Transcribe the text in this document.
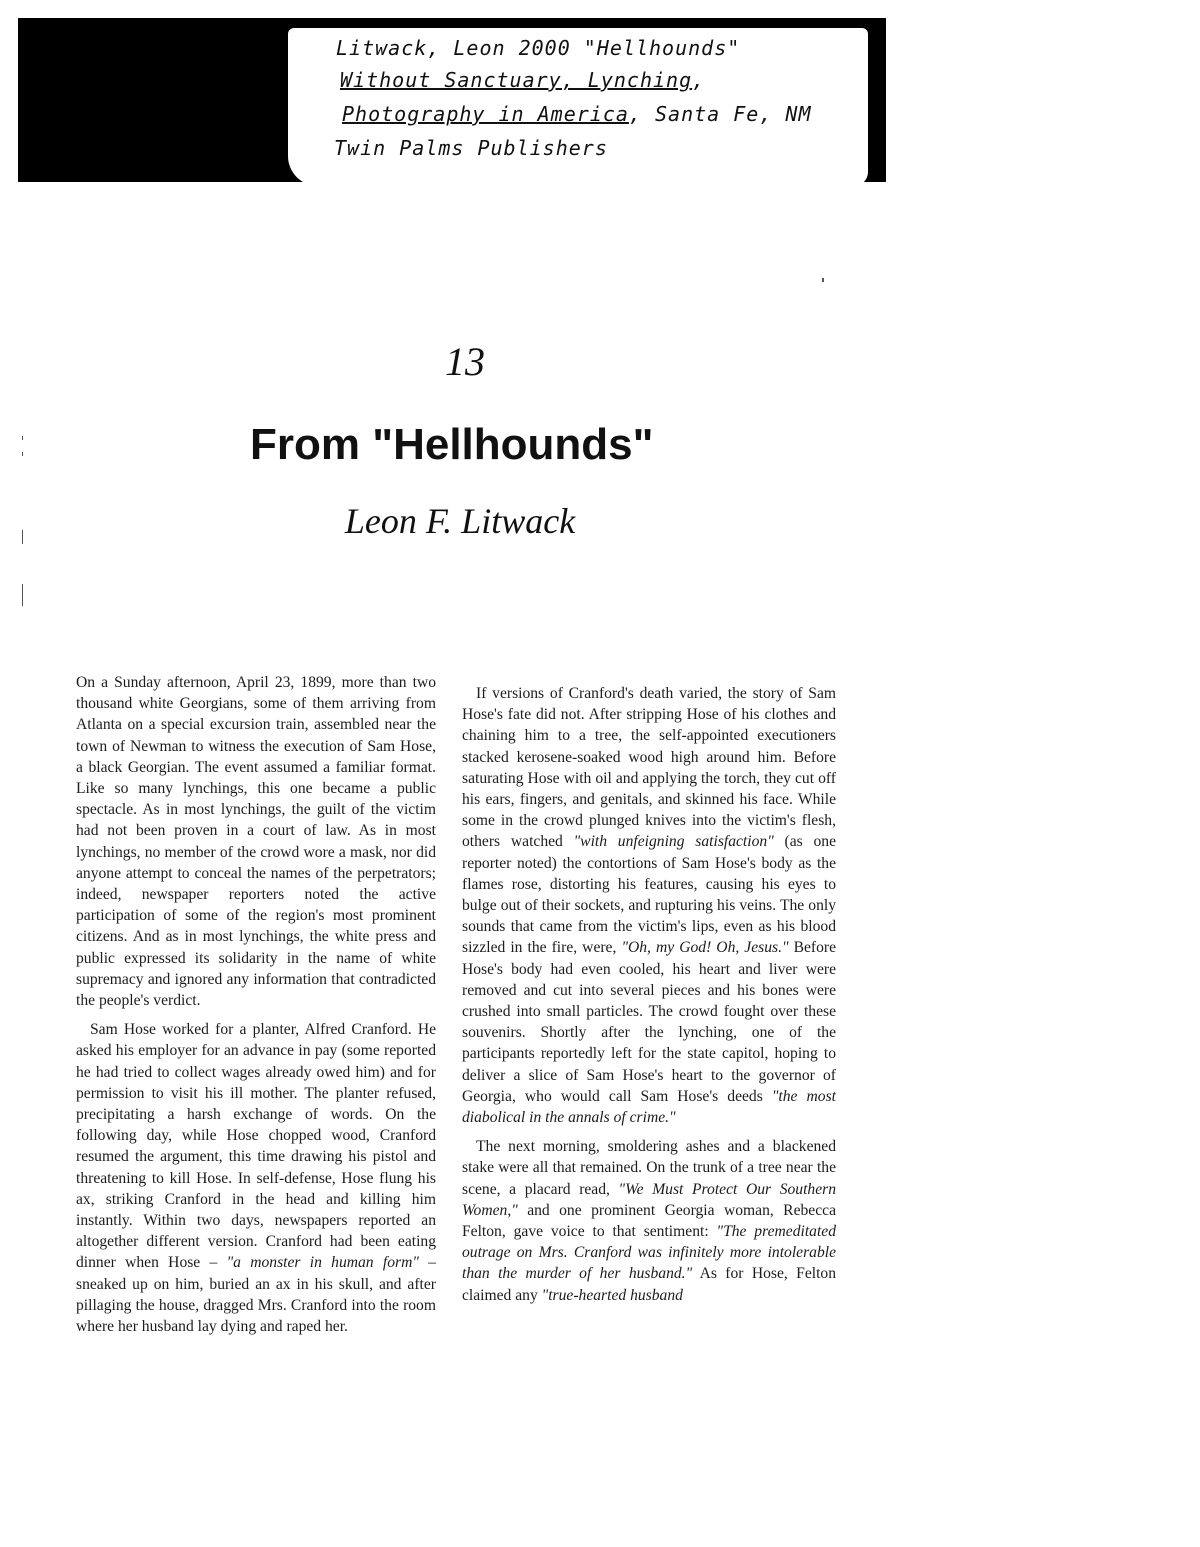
Litwack, Leon 2000 "Hellhounds"
Without Sanctuary, Lynching,
Photography in America, Santa Fe, NM
Twin Palms Publishers
13
From "Hellhounds"
Leon F. Litwack

On a Sunday afternoon, April 23, 1899, more than two thousand white Georgians, some of them arriving from Atlanta on a special excursion train, assembled near the town of Newman to witness the execution of Sam Hose, a black Georgian. The event assumed a familiar format. Like so many lynchings, this one became a public spectacle. As in most lynchings, the guilt of the victim had not been proven in a court of law. As in most lynchings, no member of the crowd wore a mask, nor did anyone attempt to conceal the names of the perpetrators; indeed, newspaper reporters noted the active participation of some of the region's most prominent citizens. And as in most lynchings, the white press and public expressed its solidarity in the name of white supremacy and ignored any information that contradicted the people's verdict.

Sam Hose worked for a planter, Alfred Cranford. He asked his employer for an advance in pay (some reported he had tried to collect wages already owed him) and for permission to visit his ill mother. The planter refused, precipitating a harsh exchange of words. On the following day, while Hose chopped wood, Cranford resumed the argument, this time drawing his pistol and threatening to kill Hose. In self-defense, Hose flung his ax, striking Cranford in the head and killing him instantly. Within two days, newspapers reported an altogether different version. Cranford had been eating dinner when Hose – "a monster in human form" – sneaked up on him, buried an ax in his skull, and after pillaging the house, dragged Mrs. Cranford into the room where her husband lay dying and raped her.

If versions of Cranford's death varied, the story of Sam Hose's fate did not. After stripping Hose of his clothes and chaining him to a tree, the self-appointed executioners stacked kerosene-soaked wood high around him. Before saturating Hose with oil and applying the torch, they cut off his ears, fingers, and genitals, and skinned his face. While some in the crowd plunged knives into the victim's flesh, others watched "with unfeigning satisfaction" (as one reporter noted) the contortions of Sam Hose's body as the flames rose, distorting his features, causing his eyes to bulge out of their sockets, and rupturing his veins. The only sounds that came from the victim's lips, even as his blood sizzled in the fire, were, "Oh, my God! Oh, Jesus." Before Hose's body had even cooled, his heart and liver were removed and cut into several pieces and his bones were crushed into small particles. The crowd fought over these souvenirs. Shortly after the lynching, one of the participants reportedly left for the state capitol, hoping to deliver a slice of Sam Hose's heart to the governor of Georgia, who would call Sam Hose's deeds "the most diabolical in the annals of crime."

The next morning, smoldering ashes and a blackened stake were all that remained. On the trunk of a tree near the scene, a placard read, "We Must Protect Our Southern Women," and one prominent Georgia woman, Rebecca Felton, gave voice to that sentiment: "The premeditated outrage on Mrs. Cranford was infinitely more intolerable than the murder of her husband." As for Hose, Felton claimed any "true-hearted husband
